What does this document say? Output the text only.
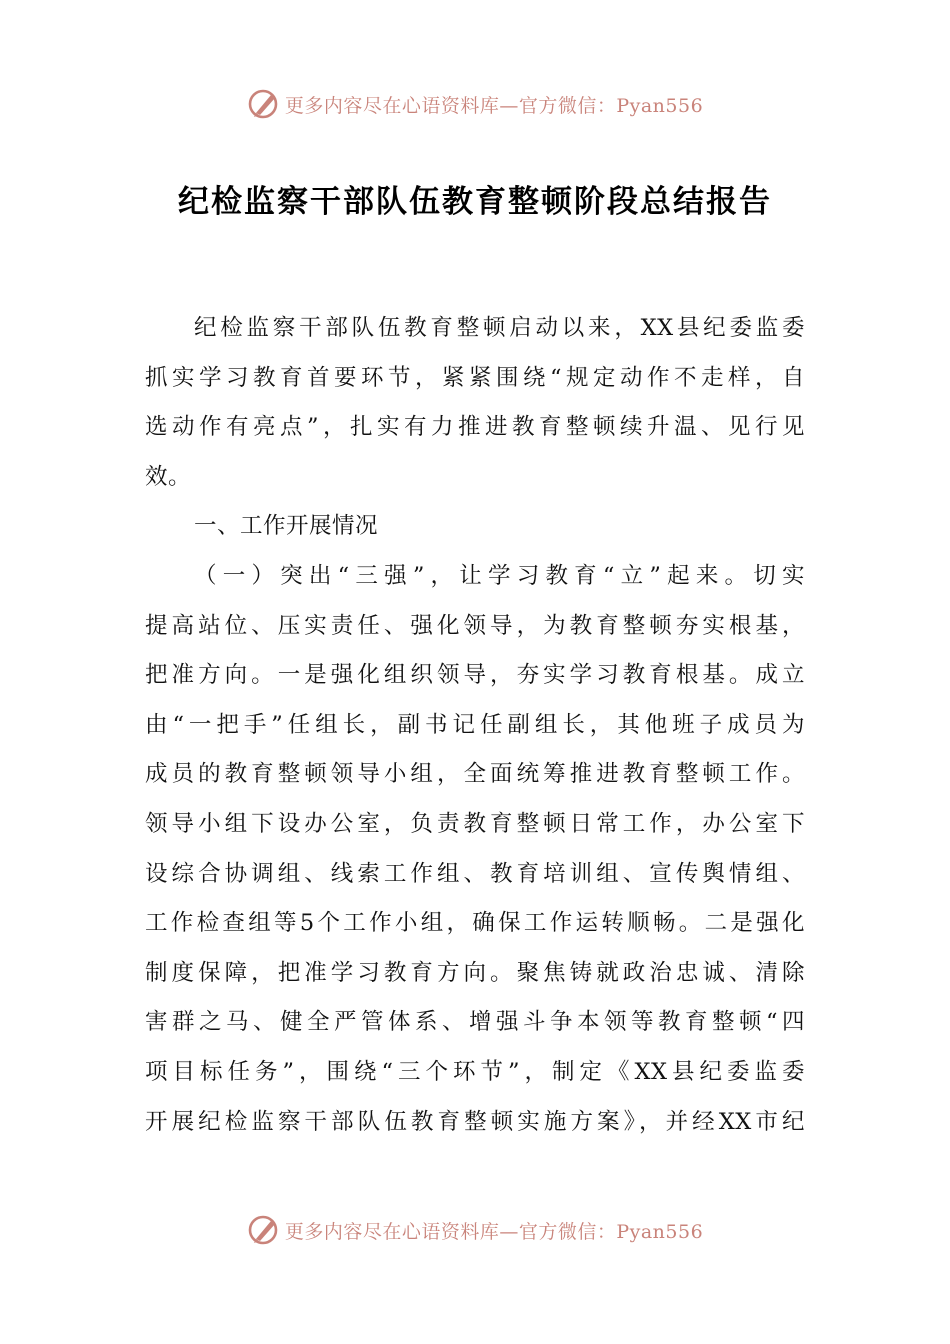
更多内容尽在心语资料库—官方微信：Pyan556
纪检监察干部队伍教育整顿阶段总结报告
纪检监察干部队伍教育整顿启动以来，XX县纪委监委
抓实学习教育首要环节，紧紧围绕“规定动作不走样，自
选动作有亮点”，扎实有力推进教育整顿续升温、见行见
效。
一、工作开展情况
（一）突出“三强”，让学习教育“立”起来。切实
提高站位、压实责任、强化领导，为教育整顿夯实根基，
把准方向。一是强化组织领导，夯实学习教育根基。成立
由“一把手”任组长，副书记任副组长，其他班子成员为
成员的教育整顿领导小组，全面统筹推进教育整顿工作。
领导小组下设办公室，负责教育整顿日常工作，办公室下
设综合协调组、线索工作组、教育培训组、宣传舆情组、
工作检查组等5个工作小组，确保工作运转顺畅。二是强化
制度保障，把准学习教育方向。聚焦铸就政治忠诚、清除
害群之马、健全严管体系、增强斗争本领等教育整顿“四
项目标任务”，围绕“三个环节”，制定《XX县纪委监委
开展纪检监察干部队伍教育整顿实施方案》，并经XX市纪
更多内容尽在心语资料库—官方微信：Pyan556
